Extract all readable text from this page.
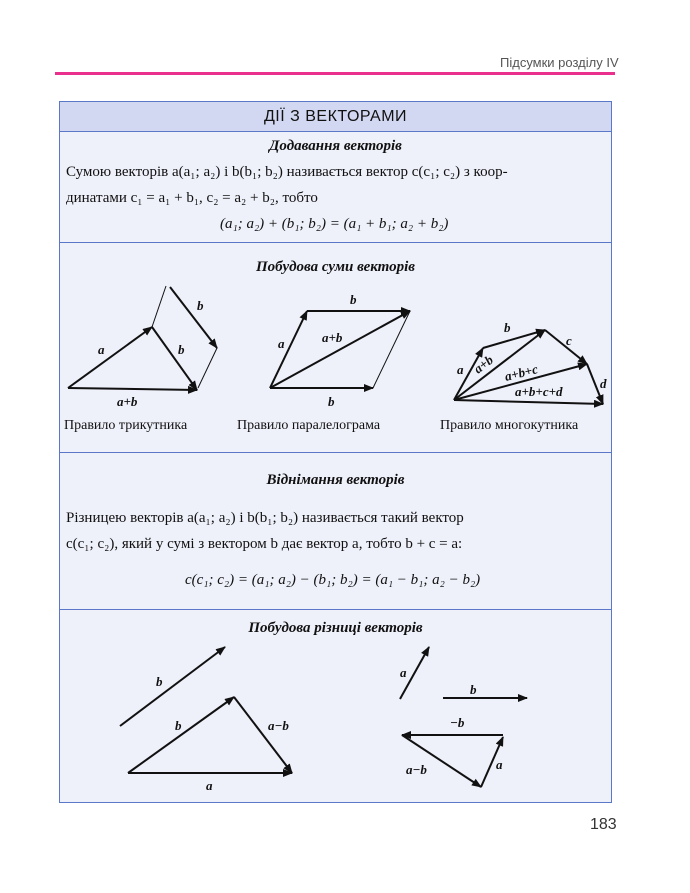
Підсумки розділу IV
ДІЇ З ВЕКТОРАМИ
Додавання векторів
Сумою векторів a(a₁; a₂) і b(b₁; b₂) називається вектор c(c₁; c₂) з коор-
динатами c₁ = a₁ + b₁, c₂ = a₂ + b₂, тобто
(a₁; a₂) + (b₁; b₂) = (a₁ + b₁; a₂ + b₂)
Побудова суми векторів
Правило трикутника	Правило паралелограма	Правило многокутника
Віднімання векторів
Різницею векторів a(a₁; a₂) і b(b₁; b₂) називається такий вектор
c(c₁; c₂), який у сумі з вектором b дає вектор a, тобто b + c = a:
c(c₁; c₂) = (a₁; a₂) − (b₁; b₂) = (a₁ − b₁; a₂ − b₂)
Побудова різниці векторів
a	b
b
a+b
a
b
b
a+b
a
b
c
d
a+b a+b+c
a+b+c+d
b
b
a
a−b
a
b
−b
a
a−b
183
